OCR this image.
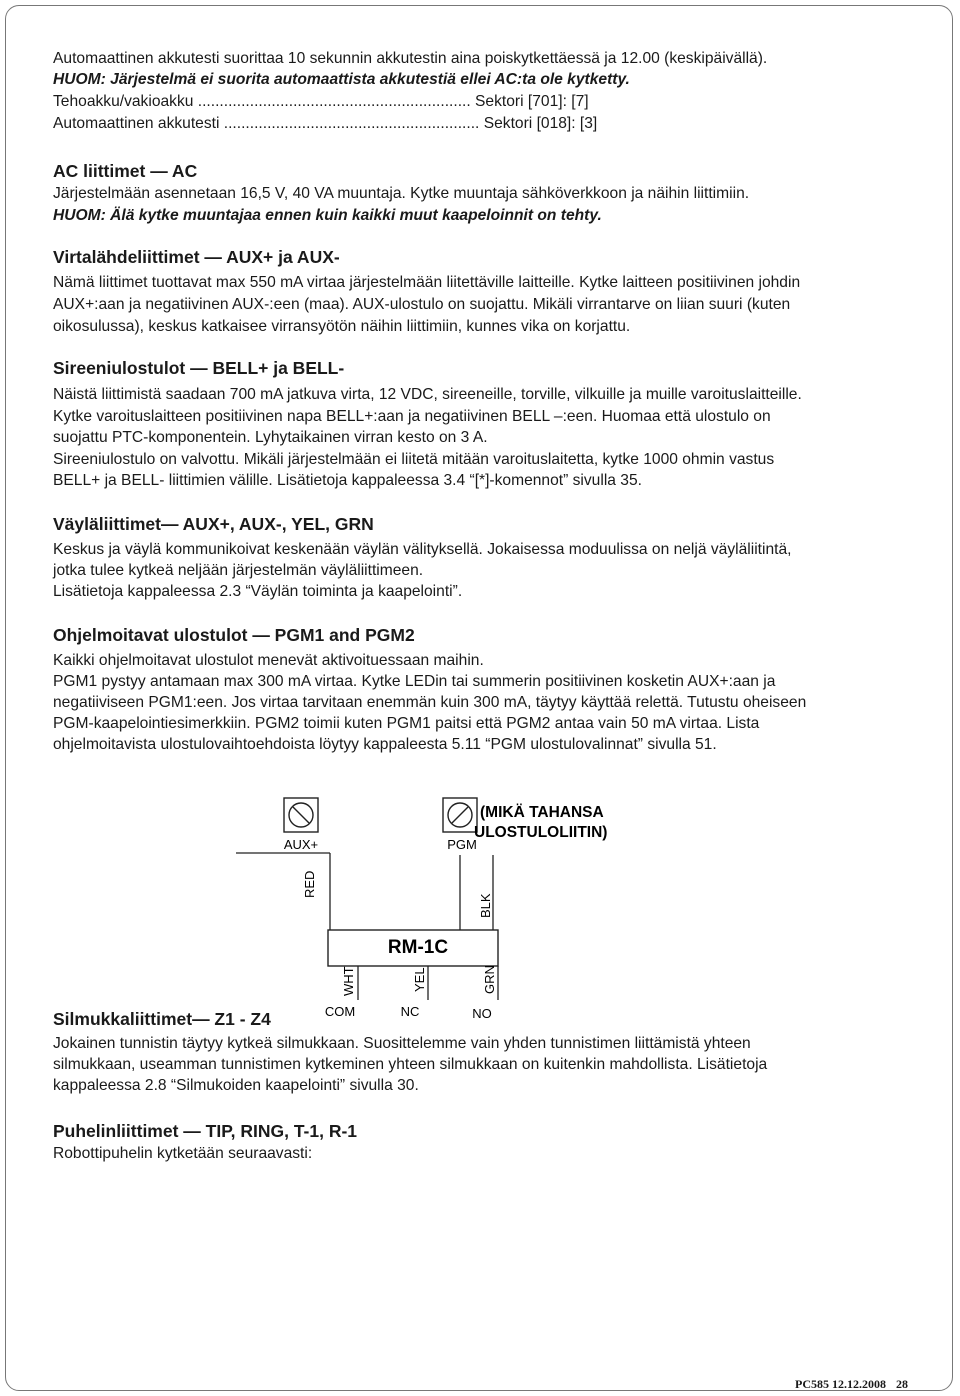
Automaattinen akkutesti suorittaa 10 sekunnin akkutestin aina poiskytkettäessä ja 12.00 (keskipäivällä).
HUOM: Järjestelmä ei suorita automaattista akkutestiä ellei AC:ta ole kytketty.
Tehoakku/vakioakku ............................................................... Sektori [701]: [7]
Automaattinen akkutesti ........................................................... Sektori [018]: [3]
AC liittimet — AC
Järjestelmään asennetaan 16,5 V, 40 VA muuntaja. Kytke muuntaja sähköverkkoon ja näihin liittimiin.
HUOM: Älä kytke muuntajaa ennen kuin kaikki muut kaapeloinnit on tehty.
Virtalähdeliittimet — AUX+ ja AUX-
Nämä liittimet tuottavat max 550 mA virtaa järjestelmään liitettäville laitteille. Kytke laitteen positiivinen johdin
AUX+:aan ja negatiivinen AUX-:een (maa). AUX-ulostulo on suojattu. Mikäli virrantarve on liian suuri (kuten
oikosulussa), keskus katkaisee virransyötön näihin liittimiin, kunnes vika on korjattu.
Sireeniulostulot — BELL+ ja BELL-
Näistä liittimistä saadaan 700 mA jatkuva virta, 12 VDC, sireeneille, torville, vilkuille ja muille varoituslaitteille.
Kytke varoituslaitteen positiivinen napa BELL+:aan ja negatiivinen BELL –:een. Huomaa että ulostulo on
suojattu PTC-komponentein. Lyhytaikainen virran kesto on 3 A.
Sireeniulostulo on valvottu. Mikäli järjestelmään ei liitetä mitään varoituslaitetta, kytke 1000 ohmin vastus
BELL+ ja BELL- liittimien välille. Lisätietoja kappaleessa 3.4 “[*]-komennot” sivulla 35.
Väyläliittimet— AUX+, AUX-, YEL, GRN
Keskus ja väylä kommunikoivat keskenään väylän välityksellä. Jokaisessa moduulissa on neljä väyläliitintä,
jotka tulee kytkeä neljään järjestelmän väyläliittimeen.
Lisätietoja kappaleessa 2.3 “Väylän toiminta ja kaapelointi”.
Ohjelmoitavat ulostulot — PGM1 and PGM2
Kaikki ohjelmoitavat ulostulot menevät aktivoituessaan maihin.
PGM1 pystyy antamaan max 300 mA virtaa. Kytke LEDin tai summerin positiivinen kosketin AUX+:aan ja
negatiiviseen PGM1:een. Jos virtaa tarvitaan enemmän kuin 300 mA, täytyy käyttää relettä. Tutustu oheiseen
PGM-kaapelointiesimerkkiin. PGM2 toimii kuten PGM1 paitsi että PGM2 antaa vain 50 mA virtaa. Lista
ohjelmoitavista ulostulovaihtoehdoista löytyy kappaleesta 5.11 “PGM ulostulovalinnat” sivulla 51.
Silmukkaliittimet— Z1 - Z4
Jokainen tunnistin täytyy kytkeä silmukkaan. Suosittelemme vain yhden tunnistimen liittämistä yhteen
silmukkaan, useamman tunnistimen kytkeminen yhteen silmukkaan on kuitenkin mahdollista. Lisätietoja
kappaleessa 2.8 “Silmukoiden kaapelointi” sivulla 30.
Puhelinliittimet — TIP, RING, T-1, R-1
Robottipuhelin kytketään seuraavasti:
AUX+	PGM
(MIKÄ TAHANSA
ULOSTULOLIITIN)
RED
BLK
RM-1C
WHT	YEL	GRN
COM	NC	NO
PC585 12.12.2008 28
